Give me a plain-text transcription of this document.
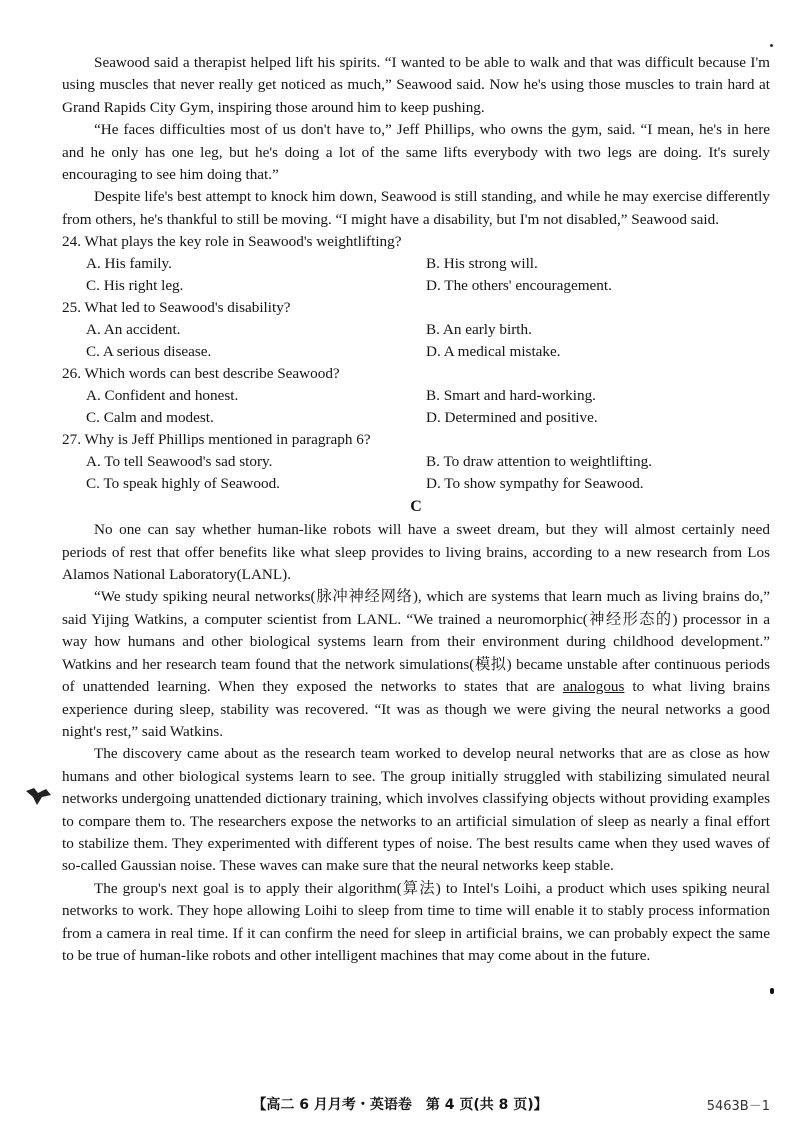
Seawood said a therapist helped lift his spirits. “I wanted to be able to walk and that was difficult because I'm using muscles that never really get noticed as much,” Seawood said. Now he's using those muscles to train hard at Grand Rapids City Gym, inspiring those around him to keep pushing.

“He faces difficulties most of us don't have to,” Jeff Phillips, who owns the gym, said. “I mean, he's in here and he only has one leg, but he's doing a lot of the same lifts everybody with two legs are doing. It's surely encouraging to see him doing that.”

Despite life's best attempt to knock him down, Seawood is still standing, and while he may exercise differently from others, he's thankful to still be moving. “I might have a disability, but I'm not disabled,” Seawood said.

24. What plays the key role in Seawood's weightlifting?

A. His family.	B. His strong will.
C. His right leg.	D. The others' encouragement.

25. What led to Seawood's disability?

A. An accident.	B. An early birth.
C. A serious disease.	D. A medical mistake.

26. Which words can best describe Seawood?

A. Confident and honest.	B. Smart and hard-working.
C. Calm and modest.	D. Determined and positive.

27. Why is Jeff Phillips mentioned in paragraph 6?

A. To tell Seawood's sad story.	B. To draw attention to weightlifting.
C. To speak highly of Seawood.	D. To show sympathy for Seawood.

C

No one can say whether human-like robots will have a sweet dream, but they will almost certainly need periods of rest that offer benefits like what sleep provides to living brains, according to a new research from Los Alamos National Laboratory(LANL).

“We study spiking neural networks(脉冲神经网络), which are systems that learn much as living brains do,” said Yijing Watkins, a computer scientist from LANL. “We trained a neuromorphic(神经形态的) processor in a way how humans and other biological systems learn from their environment during childhood development.” Watkins and her research team found that the network simulations(模拟) became unstable after continuous periods of unattended learning. When they exposed the networks to states that are analogous to what living brains experience during sleep, stability was recovered. “It was as though we were giving the neural networks a good night's rest,” said Watkins.

The discovery came about as the research team worked to develop neural networks that are as close as how humans and other biological systems learn to see. The group initially struggled with stabilizing simulated neural networks undergoing unattended dictionary training, which involves classifying objects without providing examples to compare them to. The researchers expose the networks to an artificial simulation of sleep as nearly a final effort to stabilize them. They experimented with different types of noise. The best results came when they used waves of so-called Gaussian noise. These waves can make sure that the neural networks keep stable.

The group's next goal is to apply their algorithm(算法) to Intel's Loihi, a product which uses spiking neural networks to work. They hope allowing Loihi to sleep from time to time will enable it to stably process information from a camera in real time. If it can confirm the need for sleep in artificial brains, we can probably expect the same to be true of human-like robots and other intelligent machines that may come about in the future.

【高二 6 月月考・英语卷　第 4 页(共 8 页)】	5463B－1
